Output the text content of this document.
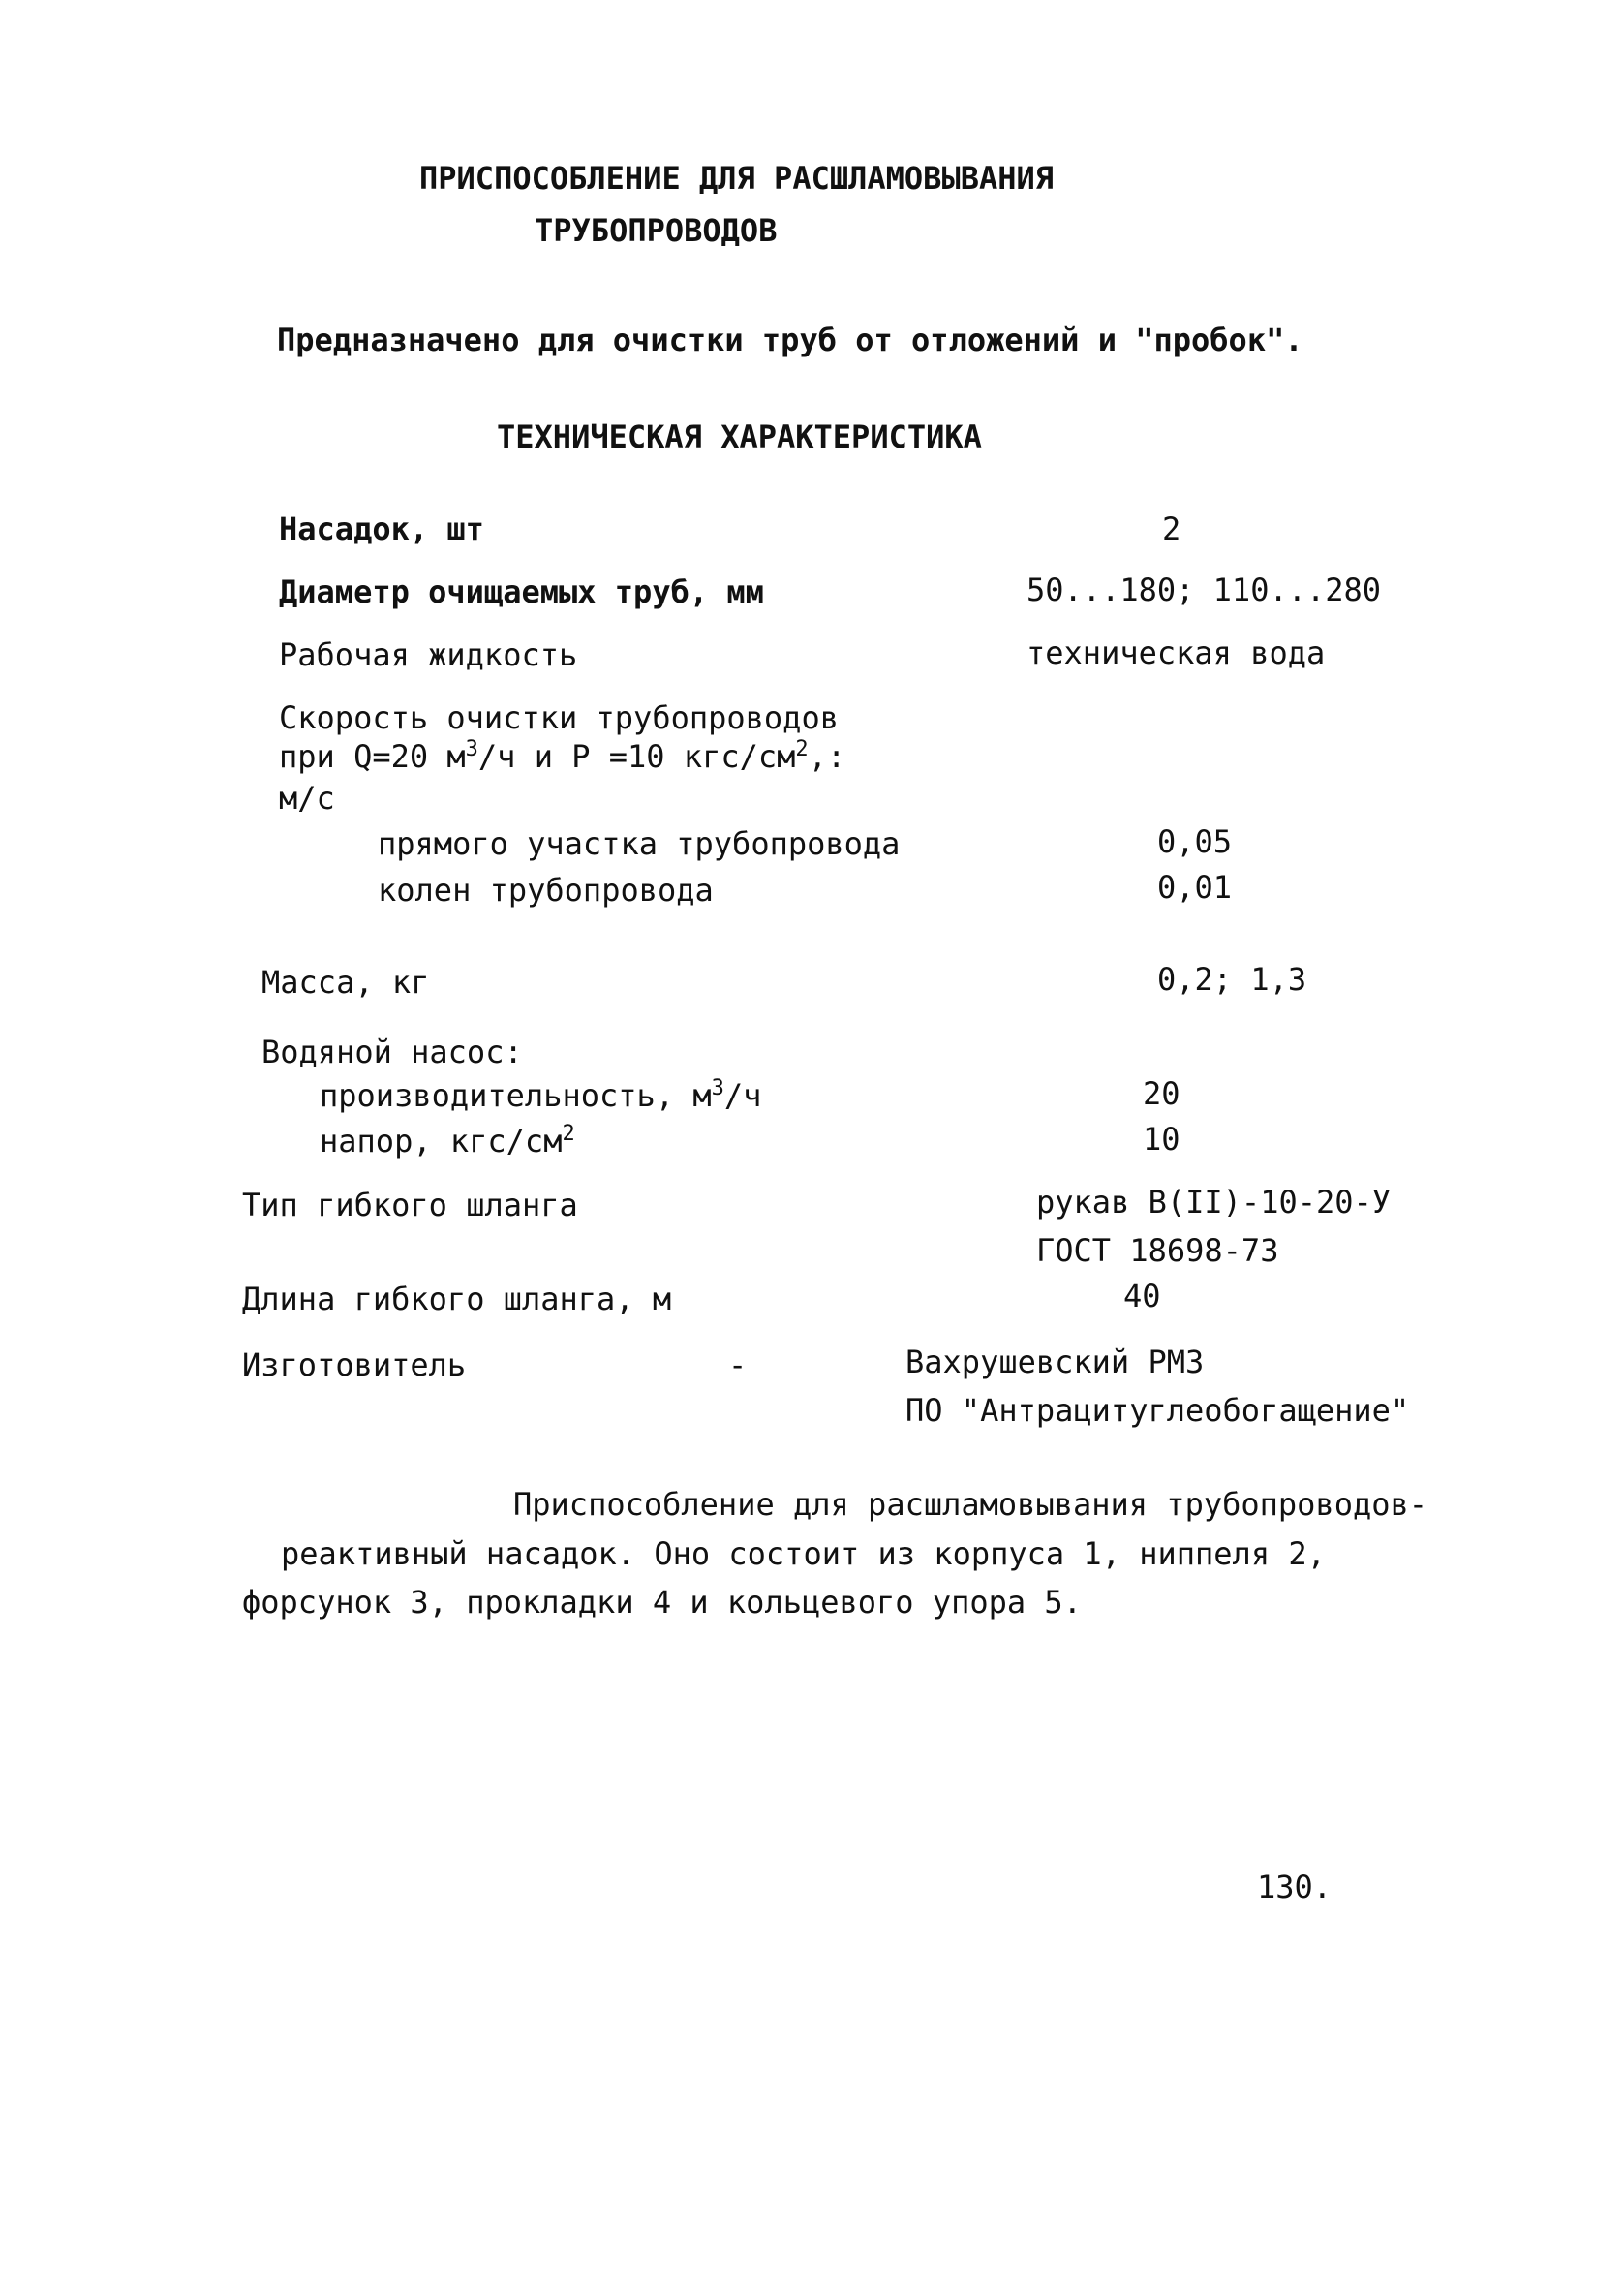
ПРИСПОСОБЛЕНИЕ ДЛЯ РАСШЛАМОВЫВАНИЯ
ТРУБОПРОВОДОВ
Предназначено для очистки труб от отложений и "пробок".
ТЕХНИЧЕСКАЯ ХАРАКТЕРИСТИКА
Насадок, шт	2
Диаметр очищаемых труб, мм	50...180; 110...280
Рабочая жидкость	техническая вода
Скорость очистки трубопроводов
при Q=20 $м^3/ч$ и Р =10 кгс/$см^2$,:
м/с
прямого участка трубопровода	0,05
колен трубопровода	0,01
Масса, кг	0,2; 1,3
Водяной насос:
производительность, $м^3/ч$	20
напор, кгс/$см^2$	10
Тип гибкого шланга	рукав В(II)-10-20-У
ГОСТ 18698-73
Длина гибкого шланга, м	40
Изготовитель	-	Вахрушевский РМЗ
ПО "Антрацитуглеобогащение"
Приспособление для расшламовывания трубопроводов-
реактивный насадок. Оно состоит из корпуса 1, ниппеля 2,
форсунок 3, прокладки 4 и кольцевого упора 5.
130.
